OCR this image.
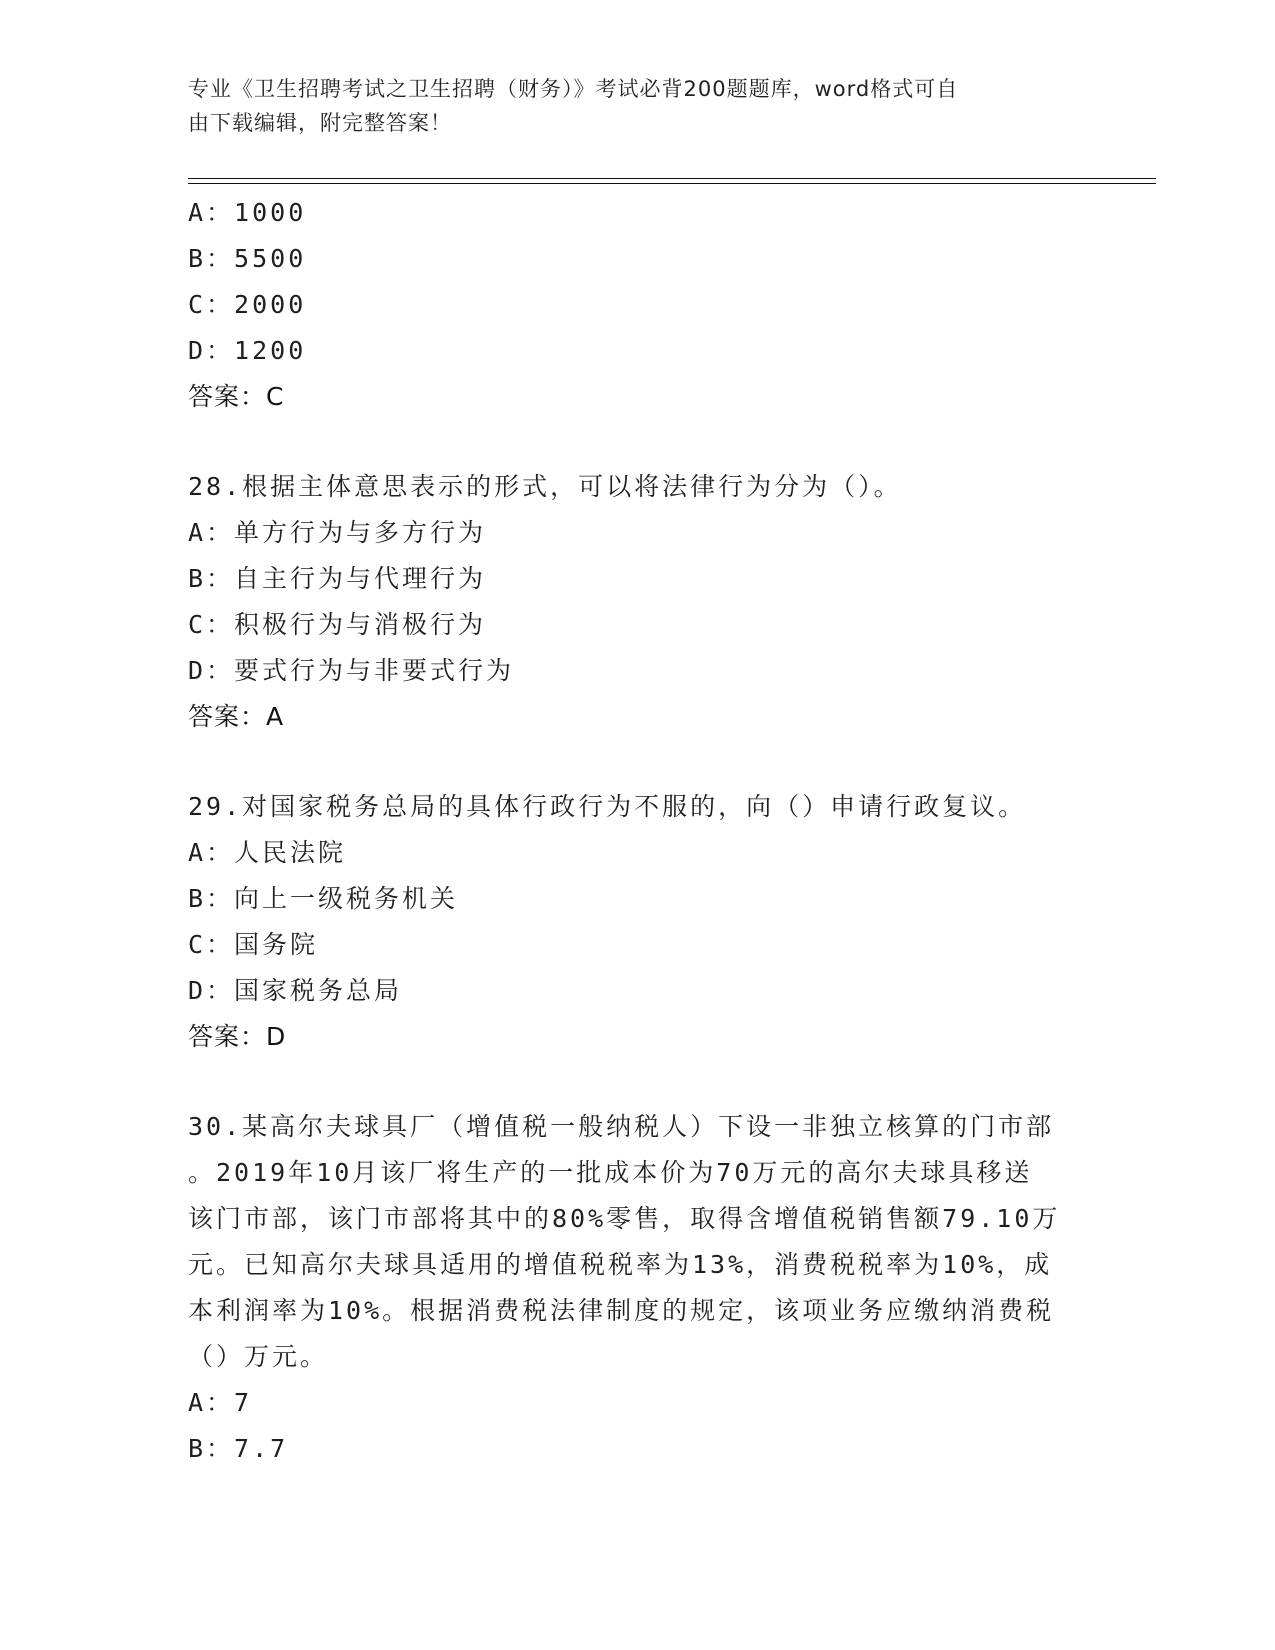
专业《卫生招聘考试之卫生招聘（财务）》考试必背200题题库，word格式可自
由下载编辑，附完整答案！
A：1000
B：5500
C：2000
D：1200
答案：C
28.根据主体意思表示的形式，可以将法律行为分为（）。
A：单方行为与多方行为
B：自主行为与代理行为
C：积极行为与消极行为
D：要式行为与非要式行为
答案：A
29.对国家税务总局的具体行政行为不服的，向（）申请行政复议。
A：人民法院
B：向上一级税务机关
C：国务院
D：国家税务总局
答案：D
30.某高尔夫球具厂（增值税一般纳税人）下设一非独立核算的门市部
。2019年10月该厂将生产的一批成本价为70万元的高尔夫球具移送
该门市部，该门市部将其中的80%零售，取得含增值税销售额79.10万
元。已知高尔夫球具适用的增值税税率为13%，消费税税率为10%，成
本利润率为10%。根据消费税法律制度的规定，该项业务应缴纳消费税
（）万元。
A：7
B：7.7
